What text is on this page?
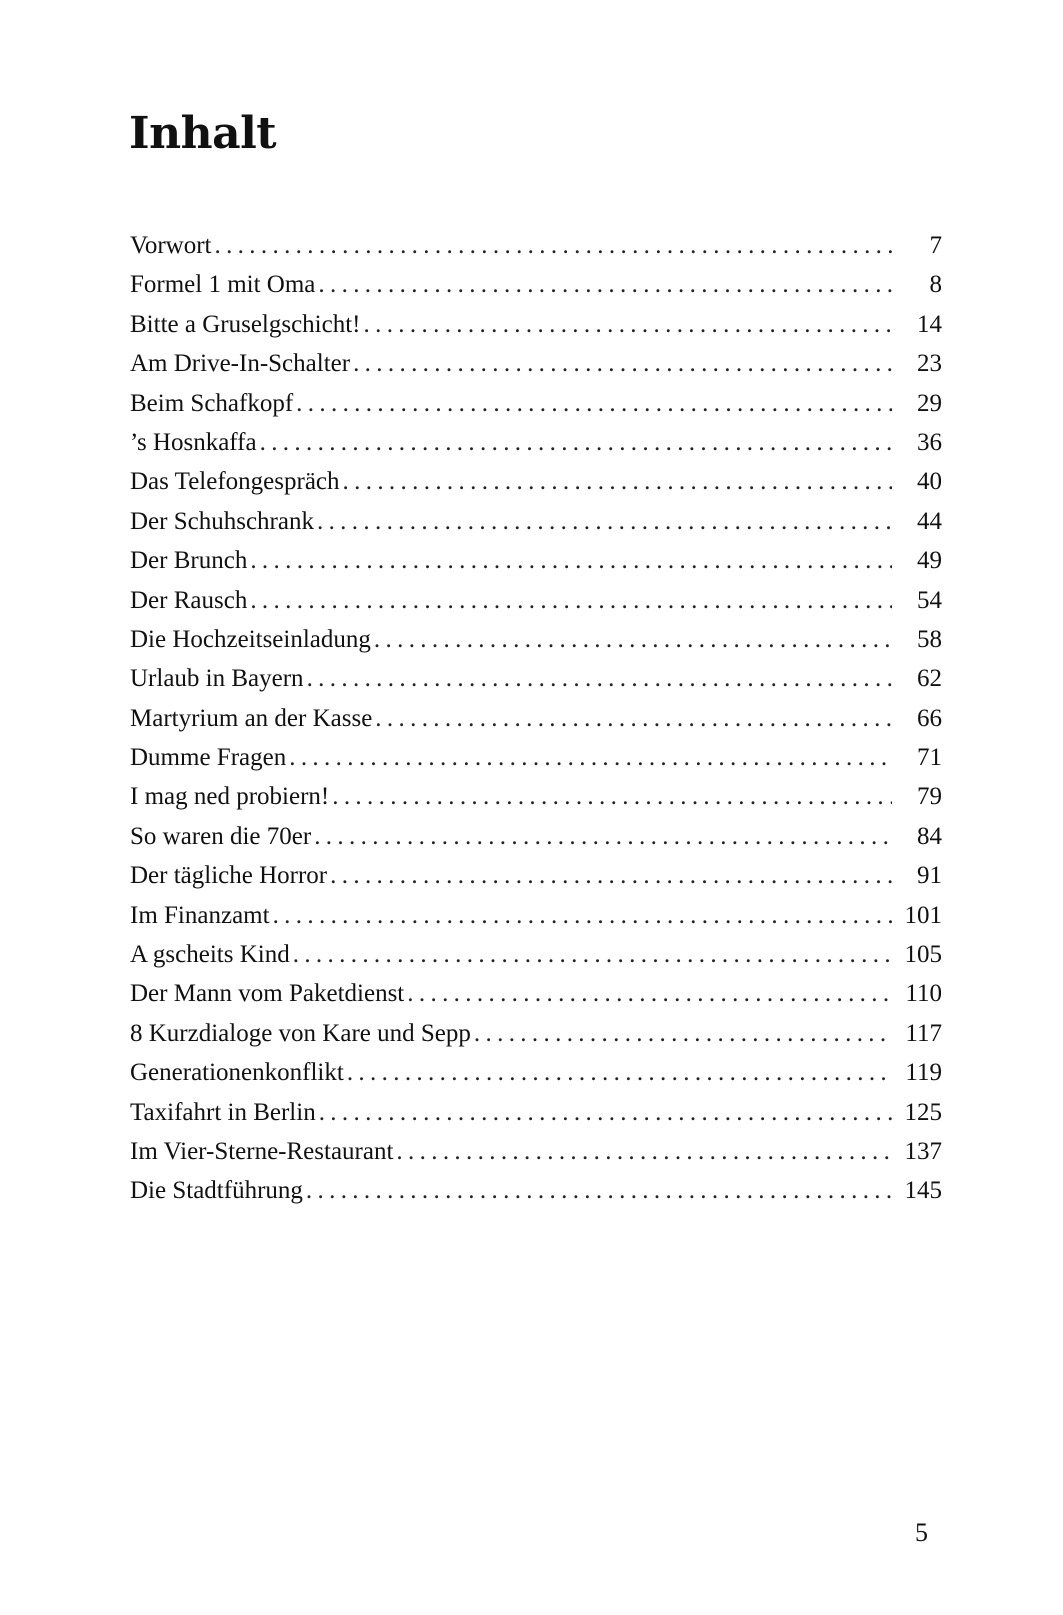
Inhalt
Vorwort . . .	7
Formel 1 mit Oma . . .	8
Bitte a Gruselgschicht! . . .	14
Am Drive-In-Schalter . . .	23
Beim Schafkopf . . .	29
’s Hosnkaffa . . .	36
Das Telefongespräch . . .	40
Der Schuhschrank . . .	44
Der Brunch . . .	49
Der Rausch . . .	54
Die Hochzeitseinladung . . .	58
Urlaub in Bayern . . .	62
Martyrium an der Kasse . . .	66
Dumme Fragen . . .	71
I mag ned probiern! . . .	79
So waren die 70er . . .	84
Der tägliche Horror . . .	91
Im Finanzamt . . .	101
A gscheits Kind . . .	105
Der Mann vom Paketdienst . . .	110
8 Kurzdialoge von Kare und Sepp . . .	117
Generationenkonflikt . . .	119
Taxifahrt in Berlin . . .	125
Im Vier-Sterne-Restaurant . . .	137
Die Stadtführung . . .	145
5
